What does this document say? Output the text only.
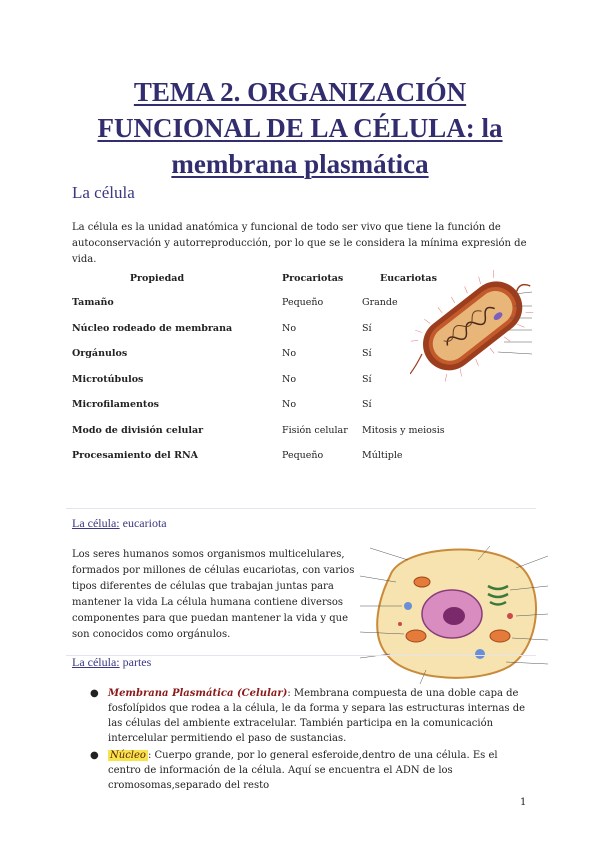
TEMA 2. ORGANIZACIÓN
FUNCIONAL DE LA CÉLULA: la
membrana plasmática
La célula
La célula es la unidad anatómica y funcional de todo ser vivo que tiene la función de autoconservación y autorreproducción, por lo que se le considera la mínima expresión de vida.
Propiedad	Procariotas	Eucariotas
Tamaño	Pequeño	Grande
Núcleo rodeado de membrana	No	Sí
Orgánulos	No	Sí
Microtúbulos	No	Sí
Microfilamentos	No	Sí
Modo de división celular	Fisión celular	Mitosis y meiosis
Procesamiento del RNA	Pequeño	Múltiple
La célula: eucariota
Los seres humanos somos organismos multicelulares, formados por millones de células eucariotas, con varios tipos diferentes de células que trabajan juntas para mantener la vida La célula humana contiene diversos componentes para que puedan mantener la vida y que son conocidos como orgánulos.
La célula: partes
● Membrana Plasmática (Celular): Membrana compuesta de una doble capa de fosfolípidos que rodea a la célula, le da forma y separa las estructuras internas de las células del ambiente extracelular. También participa en la comunicación intercelular permitiendo el paso de sustancias.
● Núcleo : Cuerpo grande, por lo general esferoide,dentro de una célula. Es el centro de información de la célula. Aquí se encuentra el ADN de los cromosomas,separado del resto
1
